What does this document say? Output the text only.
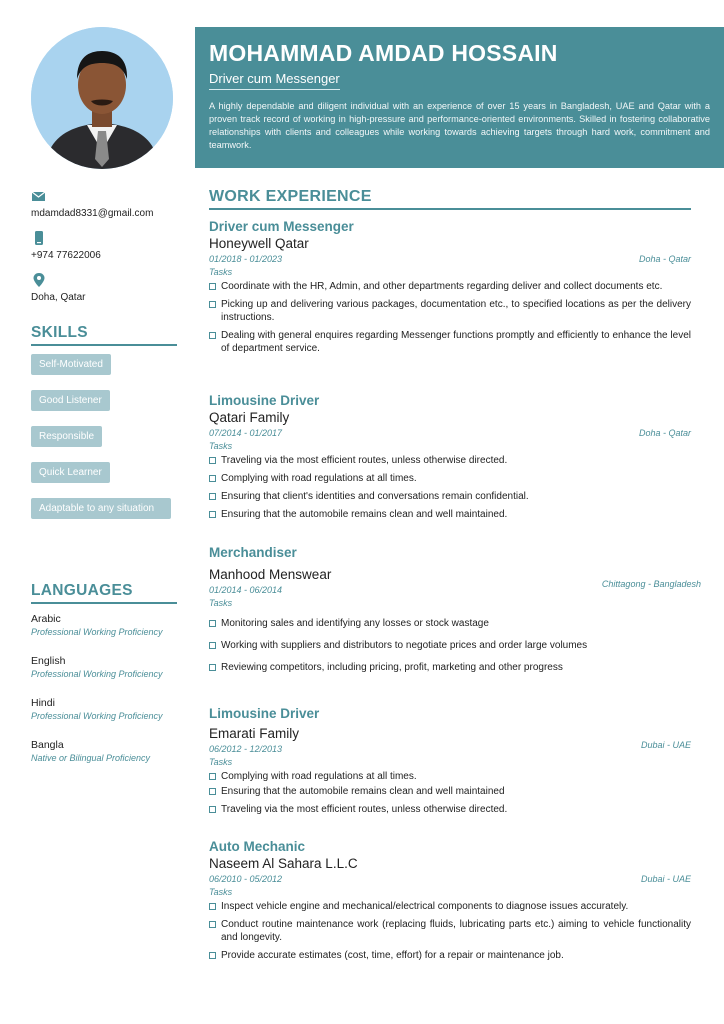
MOHAMMAD AMDAD HOSSAIN
Driver cum Messenger
A highly dependable and diligent individual with an experience of over 15 years in Bangladesh, UAE and Qatar with a proven track record of working in high-pressure and performance-oriented environments. Skilled in fostering collaborative relationships with clients and colleagues while working towards achieving targets through hard work, commitment and teamwork.
mdamdad8331@gmail.com
+974 77622006
Doha, Qatar
SKILLS
Self-Motivated
Good Listener
Responsible
Quick Learner
Adaptable to any situation
LANGUAGES
Arabic
Professional Working Proficiency
English
Professional Working Proficiency
Hindi
Professional Working Proficiency
Bangla
Native or Bilingual Proficiency
WORK EXPERIENCE
Driver cum Messenger
Honeywell Qatar
01/2018 - 01/2023	Doha - Qatar
Tasks
Coordinate with the HR, Admin, and other departments regarding deliver and collect documents etc.
Picking up and delivering various packages, documentation etc., to specified locations as per the delivery instructions.
Dealing with general enquires regarding Messenger functions promptly and efficiently to enhance the level of department service.
Limousine Driver
Qatari Family
07/2014 - 01/2017	Doha - Qatar
Tasks
Traveling via the most efficient routes, unless otherwise directed.
Complying with road regulations at all times.
Ensuring that client's identities and conversations remain confidential.
Ensuring that the automobile remains clean and well maintained.
Merchandiser
Manhood Menswear
01/2014 - 06/2014
Chittagong - Bangladesh
Tasks
Monitoring sales and identifying any losses or stock wastage
Working with suppliers and distributors to negotiate prices and order large volumes
Reviewing competitors, including pricing, profit, marketing and other progress
Limousine Driver
Emarati Family
06/2012 - 12/2013	Dubai - UAE
Tasks
Complying with road regulations at all times.
Ensuring that the automobile remains clean and well maintained
Traveling via the most efficient routes, unless otherwise directed.
Auto Mechanic
Naseem Al Sahara L.L.C
06/2010 - 05/2012	Dubai - UAE
Tasks
Inspect vehicle engine and mechanical/electrical components to diagnose issues accurately.
Conduct routine maintenance work (replacing fluids, lubricating parts etc.) aiming to vehicle functionality and longevity.
Provide accurate estimates (cost, time, effort) for a repair or maintenance job.
